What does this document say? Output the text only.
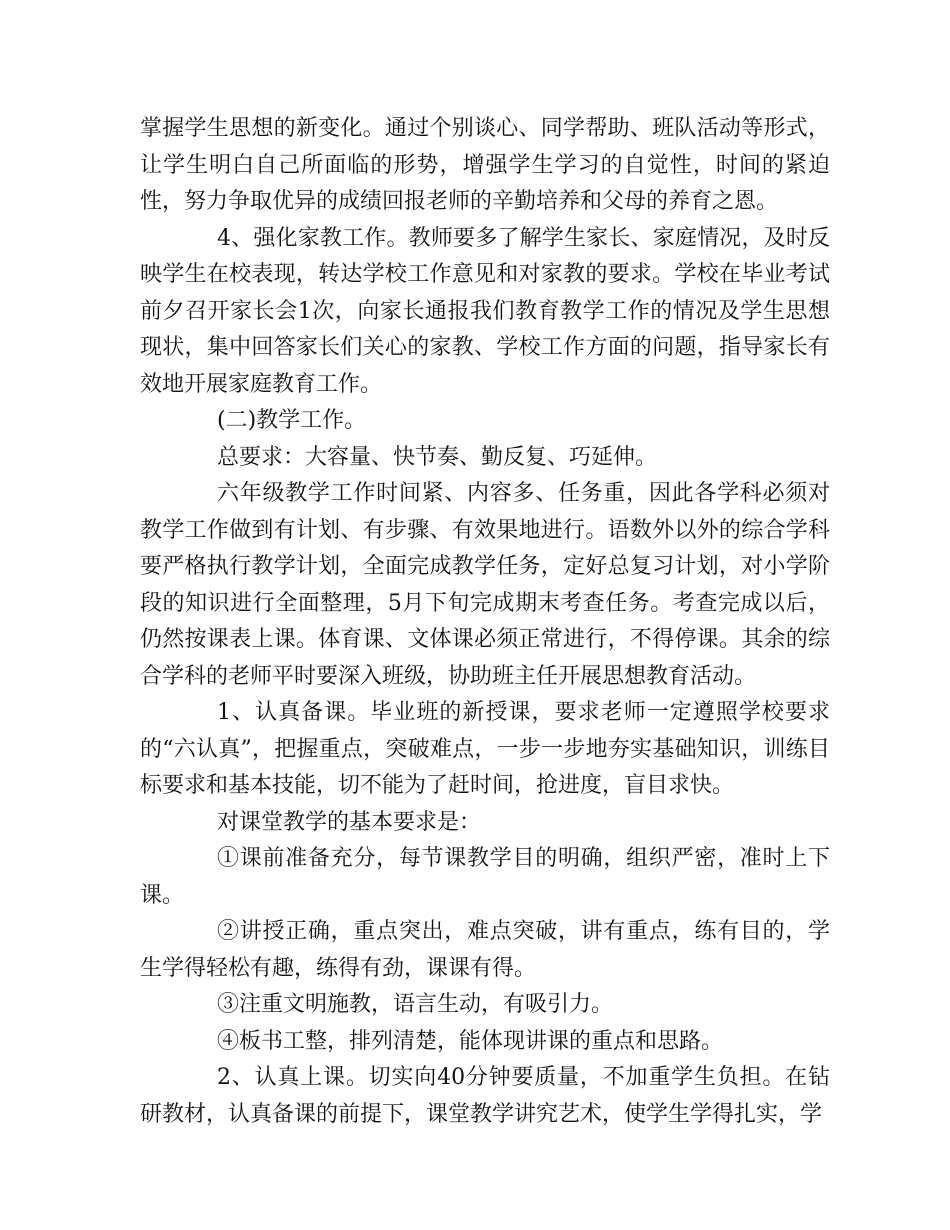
掌握学生思想的新变化。通过个别谈心、同学帮助、班队活动等形式，让学生明白自己所面临的形势，增强学生学习的自觉性，时间的紧迫性，努力争取优异的成绩回报老师的辛勤培养和父母的养育之恩。

4、强化家教工作。教师要多了解学生家长、家庭情况，及时反映学生在校表现，转达学校工作意见和对家教的要求。学校在毕业考试前夕召开家长会1次，向家长通报我们教育教学工作的情况及学生思想现状，集中回答家长们关心的家教、学校工作方面的问题，指导家长有效地开展家庭教育工作。

(二)教学工作。

总要求：大容量、快节奏、勤反复、巧延伸。

六年级教学工作时间紧、内容多、任务重，因此各学科必须对教学工作做到有计划、有步骤、有效果地进行。语数外以外的综合学科要严格执行教学计划，全面完成教学任务，定好总复习计划，对小学阶段的知识进行全面整理，5月下旬完成期末考查任务。考查完成以后，仍然按课表上课。体育课、文体课必须正常进行，不得停课。其余的综合学科的老师平时要深入班级，协助班主任开展思想教育活动。

1、认真备课。毕业班的新授课，要求老师一定遵照学校要求的“六认真”，把握重点，突破难点，一步一步地夯实基础知识，训练目标要求和基本技能，切不能为了赶时间，抢进度，盲目求快。

对课堂教学的基本要求是：

①课前准备充分，每节课教学目的明确，组织严密，准时上下课。

②讲授正确，重点突出，难点突破，讲有重点，练有目的，学生学得轻松有趣，练得有劲，课课有得。

③注重文明施教，语言生动，有吸引力。

④板书工整，排列清楚，能体现讲课的重点和思路。

2、认真上课。切实向40分钟要质量，不加重学生负担。在钻研教材，认真备课的前提下，课堂教学讲究艺术，使学生学得扎实，学
